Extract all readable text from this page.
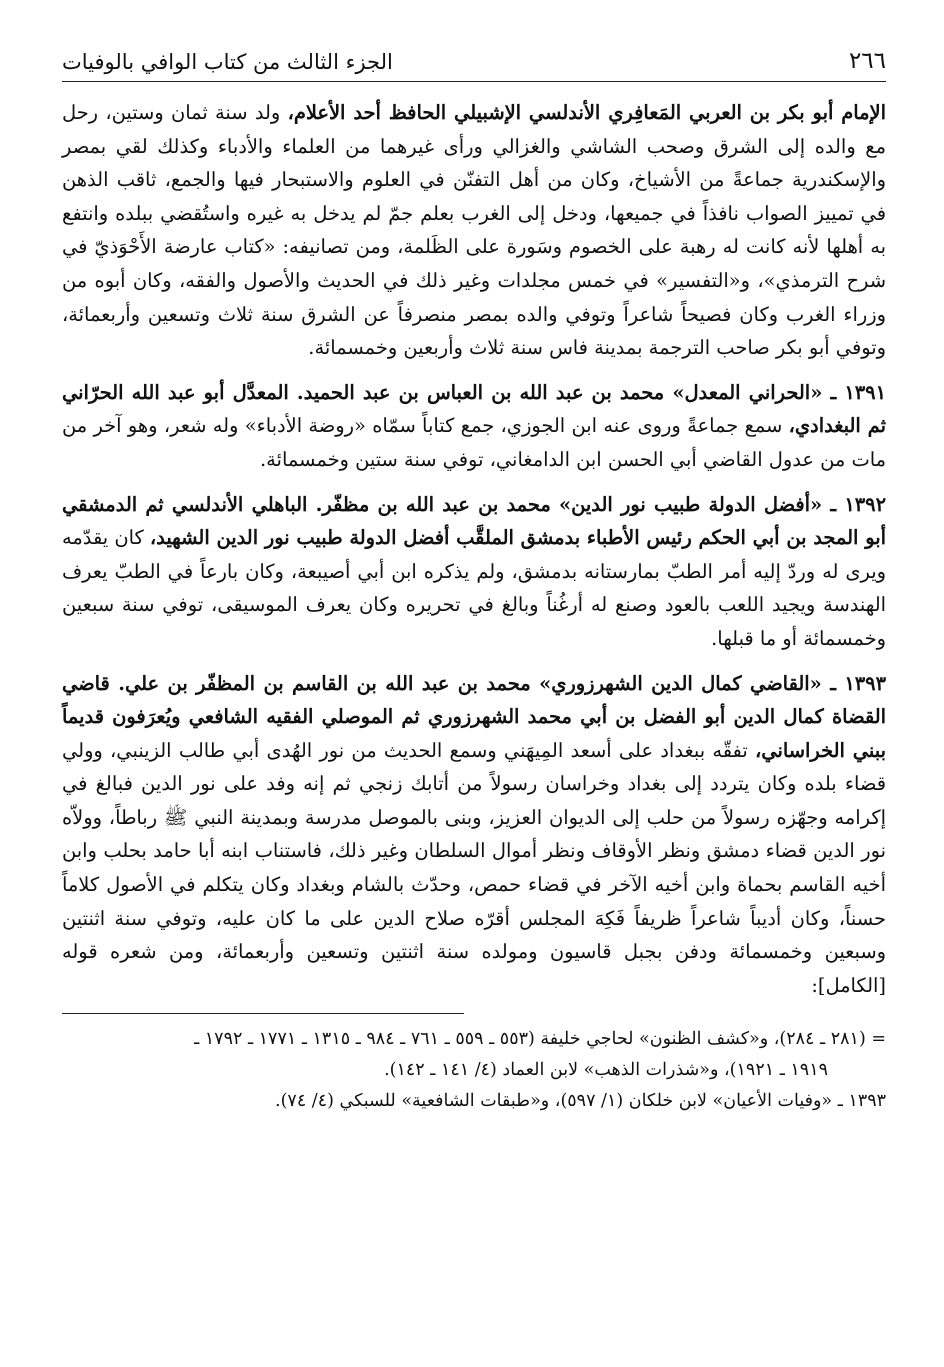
٢٦٦
الجزء الثالث من كتاب الوافي بالوفيات

الإمام أبو بكر بن العربي المَعافِري الأندلسي الإشبيلي الحافظ أحد الأعلام، ولد سنة ثمان وستين، رحل مع والده إلى الشرق وصحب الشاشي والغزالي ورأى غيرهما من العلماء والأدباء وكذلك لقي بمصر والإسكندرية جماعةً من الأشياخ، وكان من أهل التفنّن في العلوم والاستبحار فيها والجمع، ثاقب الذهن في تمييز الصواب نافذاً في جميعها، ودخل إلى الغرب بعلم جمّ لم يدخل به غيره واستُقضي ببلده وانتفع به أهلها لأنه كانت له رهبة على الخصوم وسَورة على الظَلمة، ومن تصانيفه: «كتاب عارضة الأَحْوَذيّ في شرح الترمذي»، و«التفسير» في خمس مجلدات وغير ذلك في الحديث والأصول والفقه، وكان أبوه من وزراء الغرب وكان فصيحاً شاعراً وتوفي والده بمصر منصرفاً عن الشرق سنة ثلاث وتسعين وأربعمائة، وتوفي أبو بكر صاحب الترجمة بمدينة فاس سنة ثلاث وأربعين وخمسمائة.

١٣٩١ ـ «الحراني المعدل» محمد بن عبد الله بن العباس بن عبد الحميد. المعدَّل أبو عبد الله الحرّاني ثم البغدادي، سمع جماعةً وروى عنه ابن الجوزي، جمع كتاباً سمّاه «روضة الأدباء» وله شعر، وهو آخر من مات من عدول القاضي أبي الحسن ابن الدامغاني، توفي سنة ستين وخمسمائة.

١٣٩٢ ـ «أفضل الدولة طبيب نور الدين» محمد بن عبد الله بن مظفّر. الباهلي الأندلسي ثم الدمشقي أبو المجد بن أبي الحكم رئيس الأطباء بدمشق الملقَّب أفضل الدولة طبيب نور الدين الشهيد، كان يقدّمه ويرى له وردّ إليه أمر الطبّ بمارستانه بدمشق، ولم يذكره ابن أبي أصيبعة، وكان بارعاً في الطبّ يعرف الهندسة ويجيد اللعب بالعود وصنع له أرغُناً وبالغ في تحريره وكان يعرف الموسيقى، توفي سنة سبعين وخمسمائة أو ما قبلها.

١٣٩٣ ـ «القاضي كمال الدين الشهرزوري» محمد بن عبد الله بن القاسم بن المظفّر بن علي. قاضي القضاة كمال الدين أبو الفضل بن أبي محمد الشهرزوري ثم الموصلي الفقيه الشافعي ويُعرَفون قديماً ببني الخراساني، تفقّه ببغداد على أسعد المِيهَني وسمع الحديث من نور الهُدى أبي طالب الزينبي، وولي قضاء بلده وكان يتردد إلى بغداد وخراسان رسولاً من أتابك زنجي ثم إنه وفد على نور الدين فبالغ في إكرامه وجهّزه رسولاً من حلب إلى الديوان العزيز، وبنى بالموصل مدرسة وبمدينة النبي ﷺ رباطاً، وولاّه نور الدين قضاء دمشق ونظر الأوقاف ونظر أموال السلطان وغير ذلك، فاستناب ابنه أبا حامد بحلب وابن أخيه القاسم بحماة وابن أخيه الآخر في قضاء حمص، وحدّث بالشام وبغداد وكان يتكلم في الأصول كلاماً حسناً، وكان أديباً شاعراً ظريفاً فَكِهَ المجلس أقرّه صلاح الدين على ما كان عليه، وتوفي سنة اثنتين وسبعين وخمسمائة ودفن بجبل قاسيون ومولده سنة اثنتين وتسعين وأربعمائة، ومن شعره قوله [الكامل]:

= (٢٨١ ـ ٢٨٤)، و«كشف الظنون» لحاجي خليفة (٥٥٣ ـ ٥٥٩ ـ ٧٦١ ـ ٩٨٤ ـ ١٣١٥ ـ ١٧٧١ ـ ١٧٩٢ ـ

١٩١٩ ـ ١٩٢١)، و«شذرات الذهب» لابن العماد (٤/ ١٤١ ـ ١٤٢).

١٣٩٣ ـ «وفيات الأعيان» لابن خلكان (١/ ٥٩٧)، و«طبقات الشافعية» للسبكي (٤/ ٧٤).
